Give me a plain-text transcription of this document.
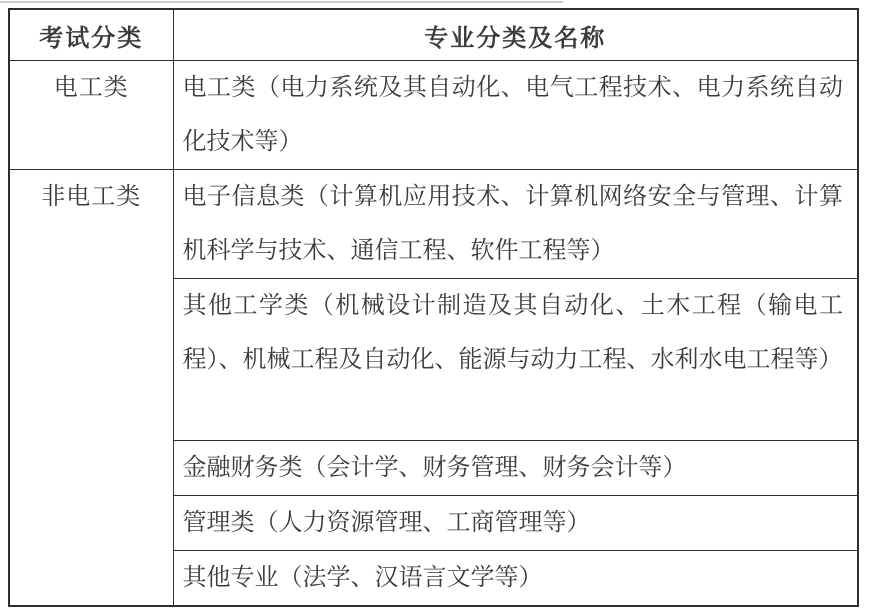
考试分类	专业分类及名称
电工类	电工类（电力系统及其自动化、电气工程技术、电力系统自动化技术等）
非电工类	电子信息类（计算机应用技术、计算机网络安全与管理、计算机科学与技术、通信工程、软件工程等）
	其他工学类（机械设计制造及其自动化、土木工程（输电工程）、机械工程及自动化、能源与动力工程、水利水电工程等）
	金融财务类（会计学、财务管理、财务会计等）
	管理类（人力资源管理、工商管理等）
	其他专业（法学、汉语言文学等）
